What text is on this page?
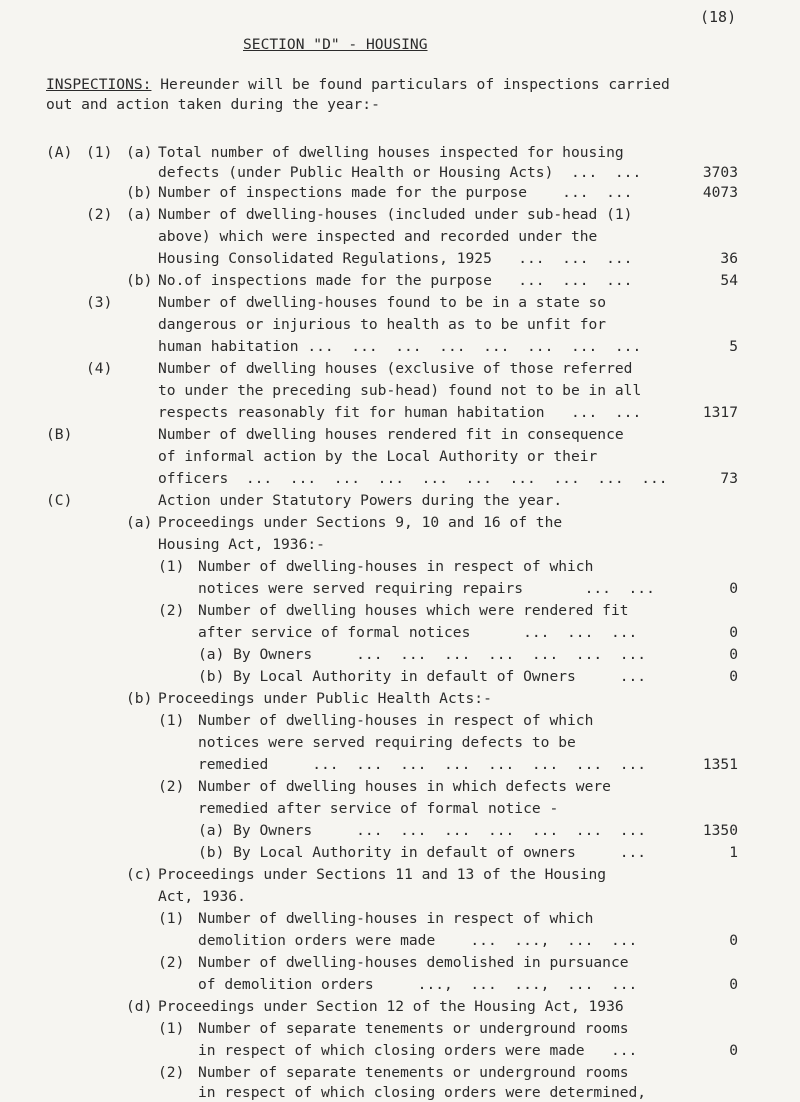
(18)
SECTION "D" - HOUSING
INSPECTIONS: Hereunder will be found particulars of inspections carried
out and action taken during the year:-
(A) (1) (a) Total number of dwelling houses inspected for housing
defects (under Public Health or Housing Acts)  ...  ...	3703
(b) Number of inspections made for the purpose    ...  ...	4073
(2) (a) Number of dwelling-houses (included under sub-head (1)
above) which were inspected and recorded under the
Housing Consolidated Regulations, 1925   ...  ...  ...	36
(b) No.of inspections made for the purpose   ...  ...  ...	54
(3)	Number of dwelling-houses found to be in a state so
dangerous or injurious to health as to be unfit for
human habitation ...  ...  ...  ...  ...  ...  ...  ...	5
(4)	Number of dwelling houses (exclusive of those referred
to under the preceding sub-head) found not to be in all
respects reasonably fit for human habitation   ...  ...	1317
(B)	Number of dwelling houses rendered fit in consequence
of informal action by the Local Authority or their
officers  ...  ...  ...  ...  ...  ...  ...  ...  ...  ...	73
(C)	Action under Statutory Powers during the year.
(a) Proceedings under Sections 9, 10 and 16 of the
Housing Act, 1936:-
(1) Number of dwelling-houses in respect of which
notices were served requiring repairs       ...  ...	0
(2) Number of dwelling houses which were rendered fit
after service of formal notices      ...  ...  ...	0
(a) By Owners     ...  ...  ...  ...  ...  ...  ...	0
(b) By Local Authority in default of Owners     ...	0
(b) Proceedings under Public Health Acts:-
(1) Number of dwelling-houses in respect of which
notices were served requiring defects to be
remedied     ...  ...  ...  ...  ...  ...  ...  ...	1351
(2) Number of dwelling houses in which defects were
remedied after service of formal notice -
(a) By Owners     ...  ...  ...  ...  ...  ...  ...	1350
(b) By Local Authority in default of owners     ...	1
(c) Proceedings under Sections 11 and 13 of the Housing
Act, 1936.
(1) Number of dwelling-houses in respect of which
demolition orders were made    ...  ...,  ...  ...	0
(2) Number of dwelling-houses demolished in pursuance
of demolition orders     ...,  ...  ...,  ...  ...	0
(d) Proceedings under Section 12 of the Housing Act, 1936
(1) Number of separate tenements or underground rooms
in respect of which closing orders were made   ...	0
(2) Number of separate tenements or underground rooms
in respect of which closing orders were determined,
